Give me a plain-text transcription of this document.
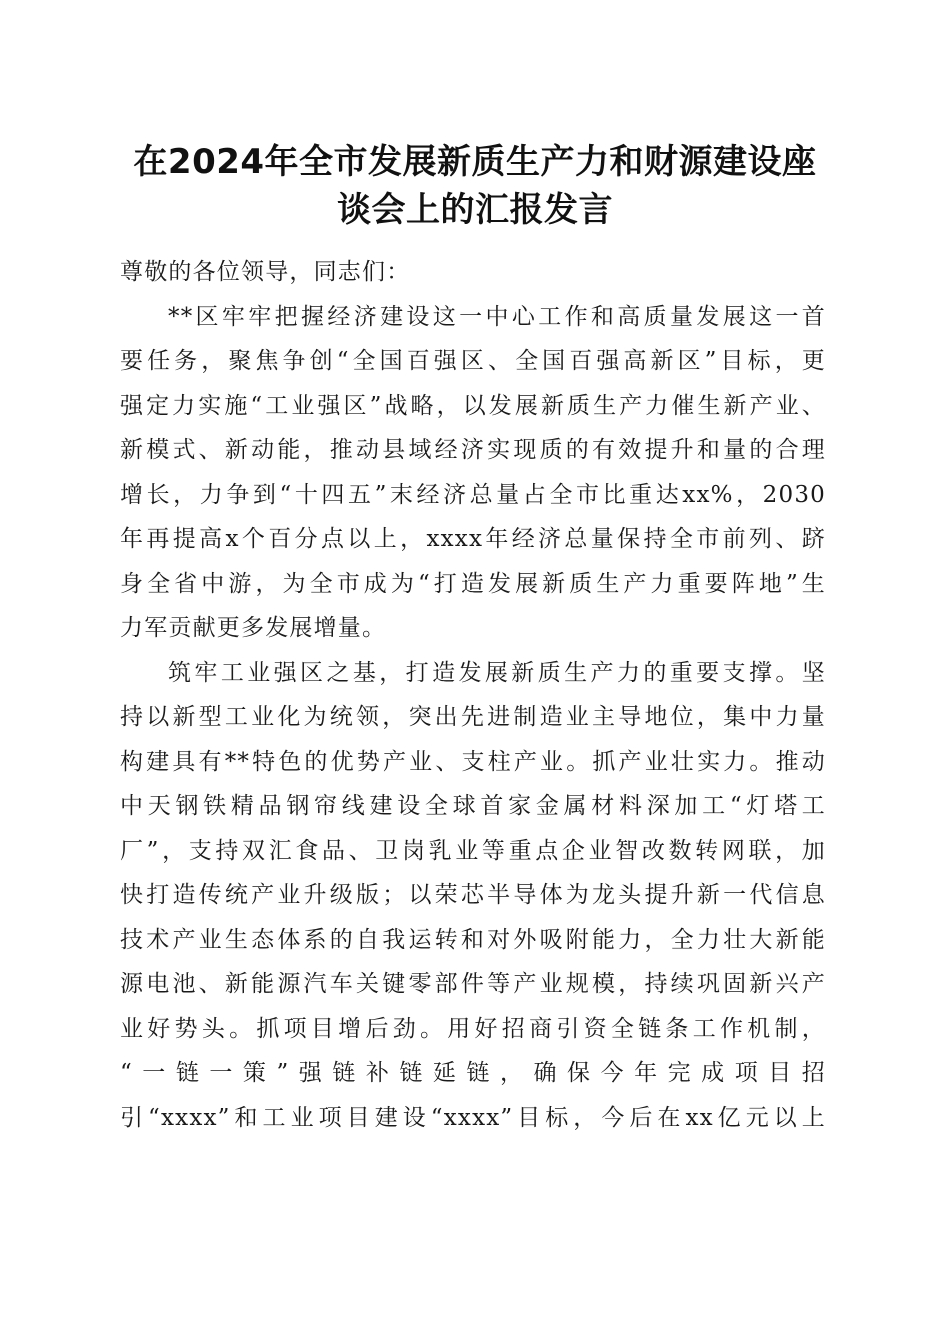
在2024年全市发展新质生产力和财源建设座
谈会上的汇报发言

尊敬的各位领导，同志们：

**区牢牢把握经济建设这一中心工作和高质量发展这一首
要任务，聚焦争创“全国百强区、全国百强高新区”目标，更
强定力实施“工业强区”战略，以发展新质生产力催生新产业、
新模式、新动能，推动县域经济实现质的有效提升和量的合理
增长，力争到“十四五”末经济总量占全市比重达xx%，2030
年再提高x个百分点以上，xxxx年经济总量保持全市前列、跻
身全省中游，为全市成为“打造发展新质生产力重要阵地”生
力军贡献更多发展增量。

筑牢工业强区之基，打造发展新质生产力的重要支撑。坚
持以新型工业化为统领，突出先进制造业主导地位，集中力量
构建具有**特色的优势产业、支柱产业。抓产业壮实力。推动
中天钢铁精品钢帘线建设全球首家金属材料深加工“灯塔工
厂”，支持双汇食品、卫岗乳业等重点企业智改数转网联，加
快打造传统产业升级版；以荣芯半导体为龙头提升新一代信息
技术产业生态体系的自我运转和对外吸附能力，全力壮大新能
源电池、新能源汽车关键零部件等产业规模，持续巩固新兴产
业好势头。抓项目增后劲。用好招商引资全链条工作机制，
“一链一策”强链补链延链，确保今年完成项目招
引“xxxx”和工业项目建设“xxxx”目标，今后在xx亿元以上
